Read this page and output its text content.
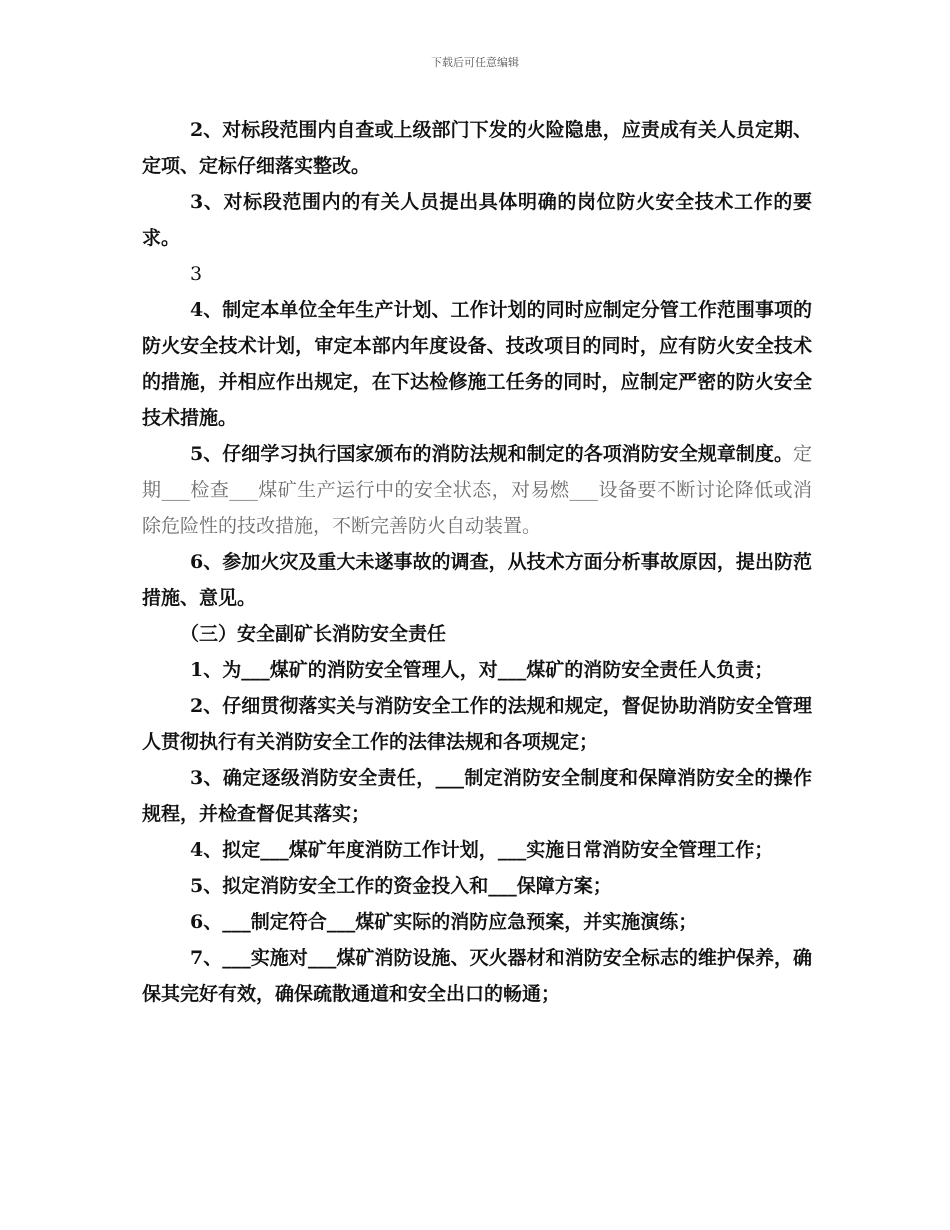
下载后可任意编辑

2、对标段范围内自查或上级部门下发的火险隐患，应责成有关人员定期、定项、定标仔细落实整改。

3、对标段范围内的有关人员提出具体明确的岗位防火安全技术工作的要求。

3

4、制定本单位全年生产计划、工作计划的同时应制定分管工作范围事项的防火安全技术计划，审定本部内年度设备、技改项目的同时，应有防火安全技术的措施，并相应作出规定，在下达检修施工任务的同时，应制定严密的防火安全技术措施。

5、仔细学习执行国家颁布的消防法规和制定的各项消防安全规章制度。定期___检查___煤矿生产运行中的安全状态，对易燃___设备要不断讨论降低或消除危险性的技改措施，不断完善防火自动装置。

6、参加火灾及重大未遂事故的调查，从技术方面分析事故原因，提出防范措施、意见。

（三）安全副矿长消防安全责任

1、为___煤矿的消防安全管理人，对___煤矿的消防安全责任人负责；

2、仔细贯彻落实关与消防安全工作的法规和规定，督促协助消防安全管理人贯彻执行有关消防安全工作的法律法规和各项规定；

3、确定逐级消防安全责任，___制定消防安全制度和保障消防安全的操作规程，并检查督促其落实；

4、拟定___煤矿年度消防工作计划，___实施日常消防安全管理工作；

5、拟定消防安全工作的资金投入和___保障方案；

6、___制定符合___煤矿实际的消防应急预案，并实施演练；

7、___实施对___煤矿消防设施、灭火器材和消防安全标志的维护保养，确保其完好有效，确保疏散通道和安全出口的畅通；
